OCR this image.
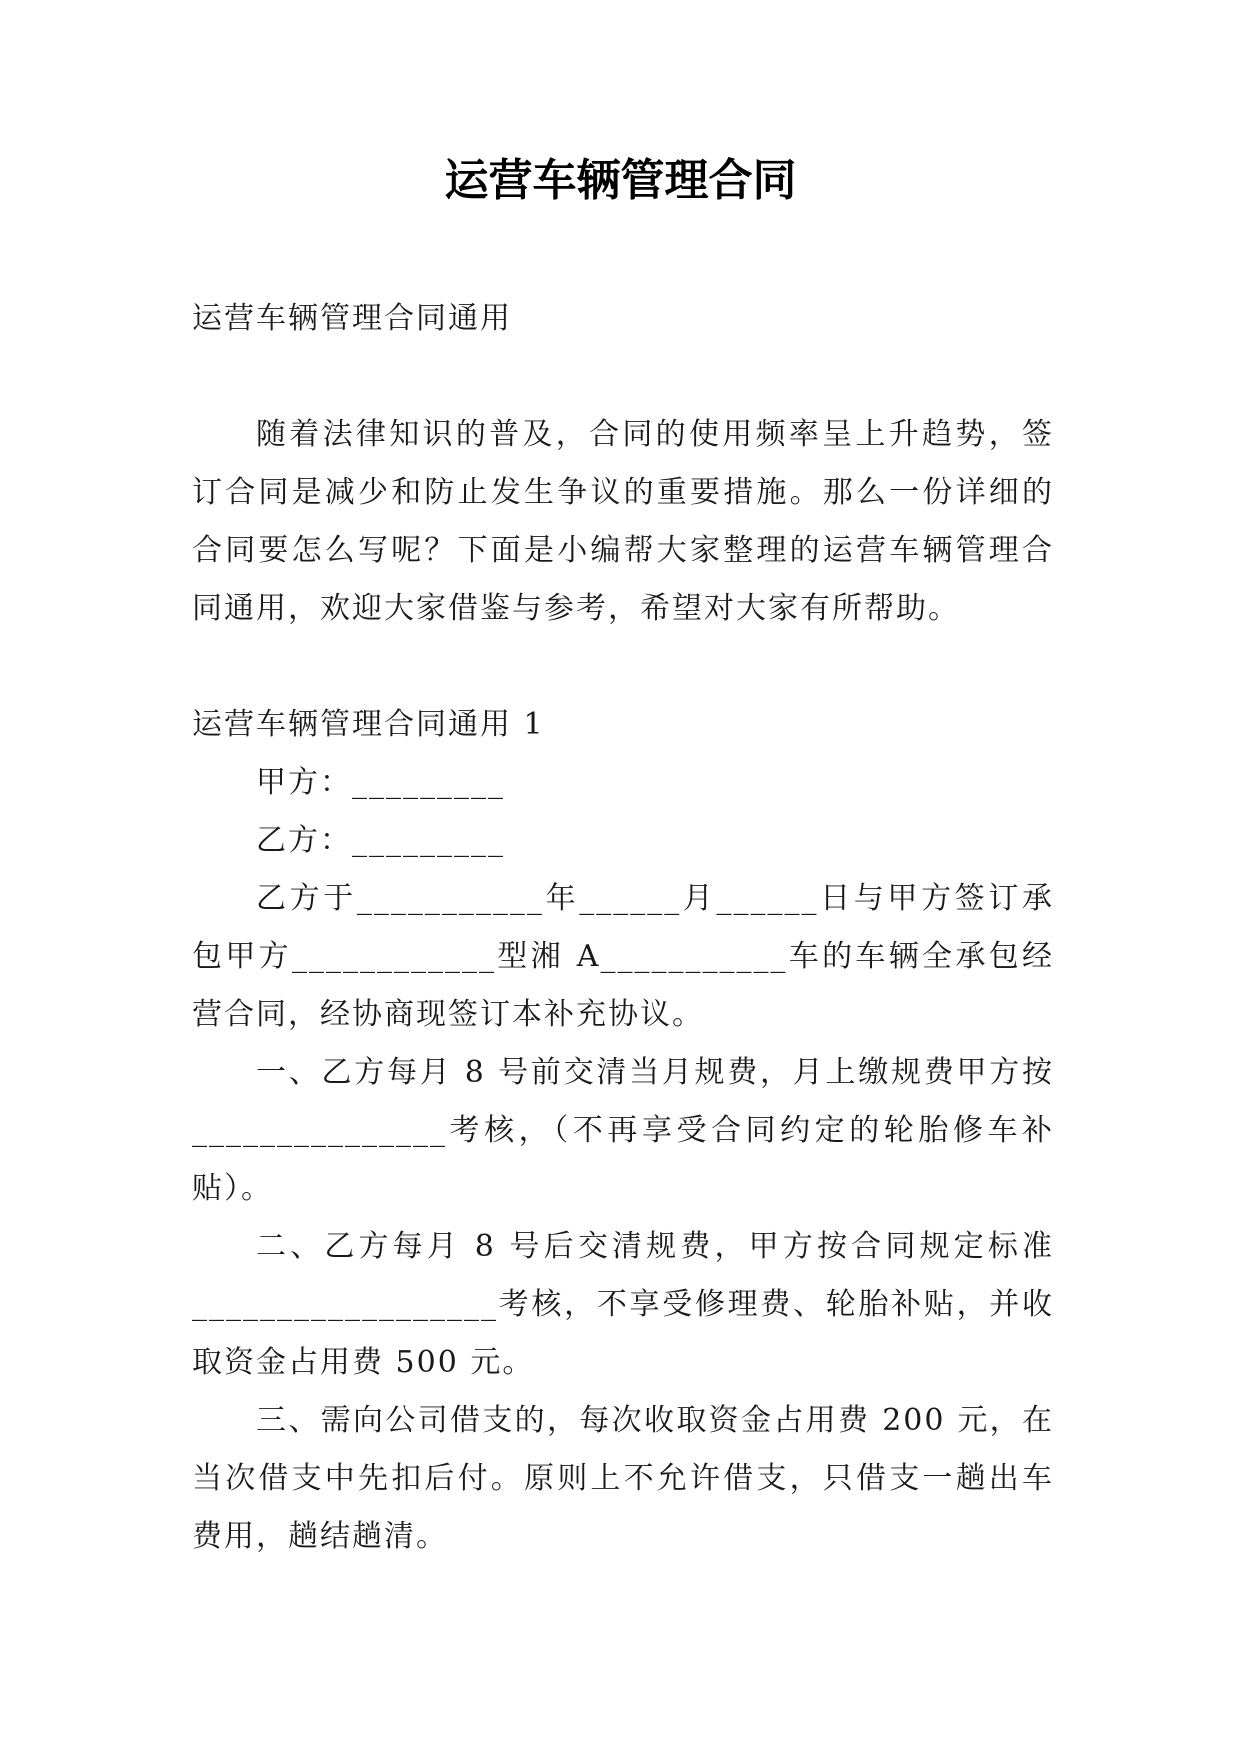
运营车辆管理合同

运营车辆管理合同通用

随着法律知识的普及，合同的使用频率呈上升趋势，签订合同是减少和防止发生争议的重要措施。那么一份详细的合同要怎么写呢？下面是小编帮大家整理的运营车辆管理合同通用，欢迎大家借鉴与参考，希望对大家有所帮助。

运营车辆管理合同通用 1

甲方：_________

乙方：_________

乙方于___________年______月______日与甲方签订承包甲方____________型湘 A___________车的车辆全承包经营合同，经协商现签订本补充协议。

一、乙方每月 8 号前交清当月规费，月上缴规费甲方按_______________考核，（不再享受合同约定的轮胎修车补贴）。

二、乙方每月 8 号后交清规费，甲方按合同规定标准__________________考核，不享受修理费、轮胎补贴，并收取资金占用费 500 元。

三、需向公司借支的，每次收取资金占用费 200 元，在当次借支中先扣后付。原则上不允许借支，只借支一趟出车费用，趟结趟清。
